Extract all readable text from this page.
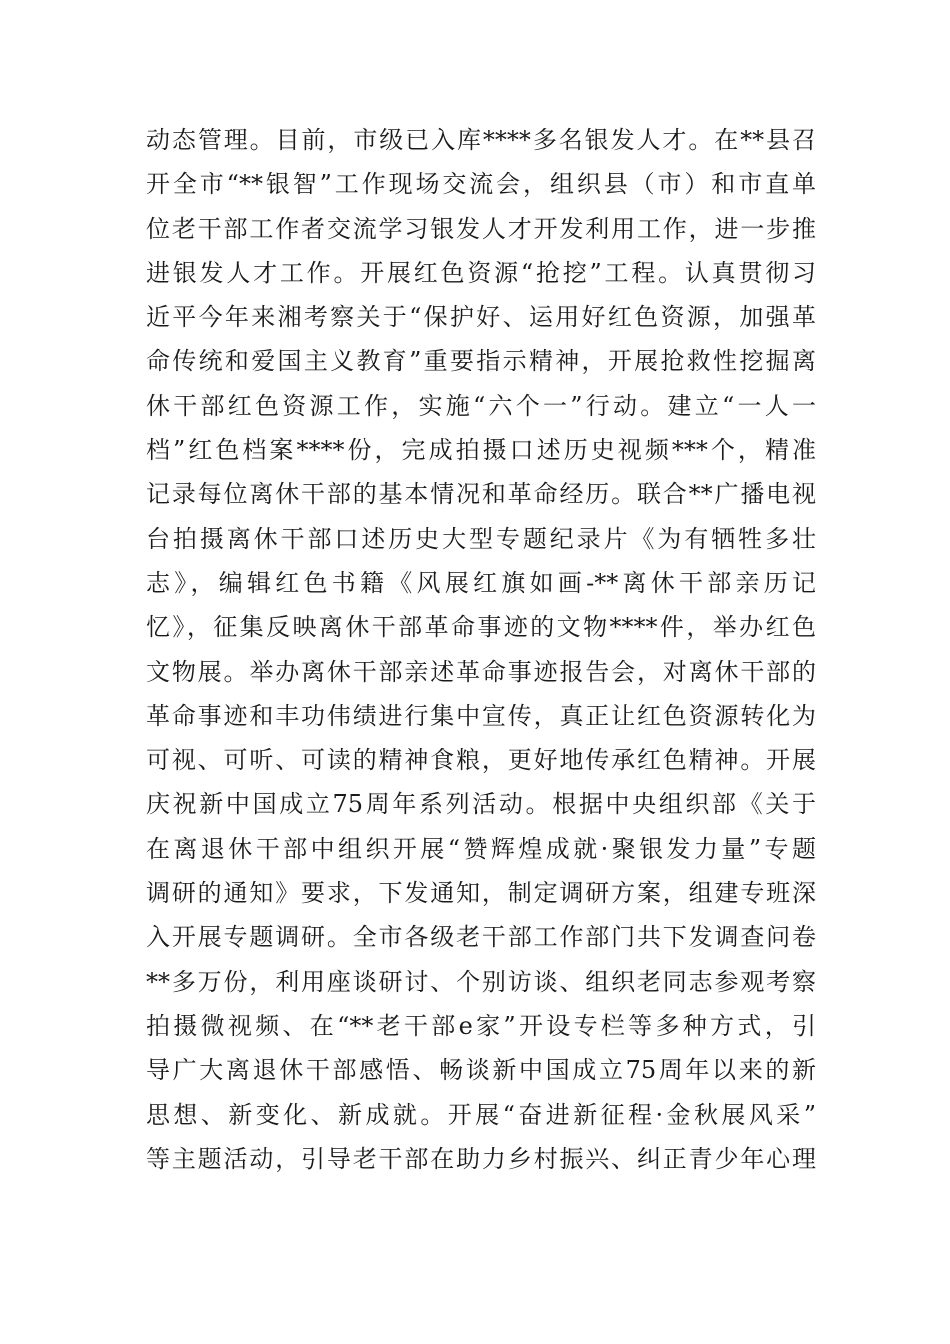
动态管理。目前，市级已入库****多名银发人才。在**县召
开全市“**银智”工作现场交流会，组织县（市）和市直单
位老干部工作者交流学习银发人才开发利用工作，进一步推
进银发人才工作。开展红色资源“抢挖”工程。认真贯彻习
近平今年来湘考察关于“保护好、运用好红色资源，加强革
命传统和爱国主义教育”重要指示精神，开展抢救性挖掘离
休干部红色资源工作，实施“六个一”行动。建立“一人一
档”红色档案****份，完成拍摄口述历史视频***个，精准
记录每位离休干部的基本情况和革命经历。联合**广播电视
台拍摄离休干部口述历史大型专题纪录片《为有牺牲多壮
志》，编辑红色书籍《风展红旗如画-**离休干部亲历记
忆》，征集反映离休干部革命事迹的文物****件，举办红色
文物展。举办离休干部亲述革命事迹报告会，对离休干部的
革命事迹和丰功伟绩进行集中宣传，真正让红色资源转化为
可视、可听、可读的精神食粮，更好地传承红色精神。开展
庆祝新中国成立75周年系列活动。根据中央组织部《关于
在离退休干部中组织开展“赞辉煌成就·聚银发力量”专题
调研的通知》要求，下发通知，制定调研方案，组建专班深
入开展专题调研。全市各级老干部工作部门共下发调查问卷
**多万份，利用座谈研讨、个别访谈、组织老同志参观考察
拍摄微视频、在“**老干部e家”开设专栏等多种方式，引
导广大离退休干部感悟、畅谈新中国成立75周年以来的新
思想、新变化、新成就。开展“奋进新征程·金秋展风采”
等主题活动，引导老干部在助力乡村振兴、纠正青少年心理
